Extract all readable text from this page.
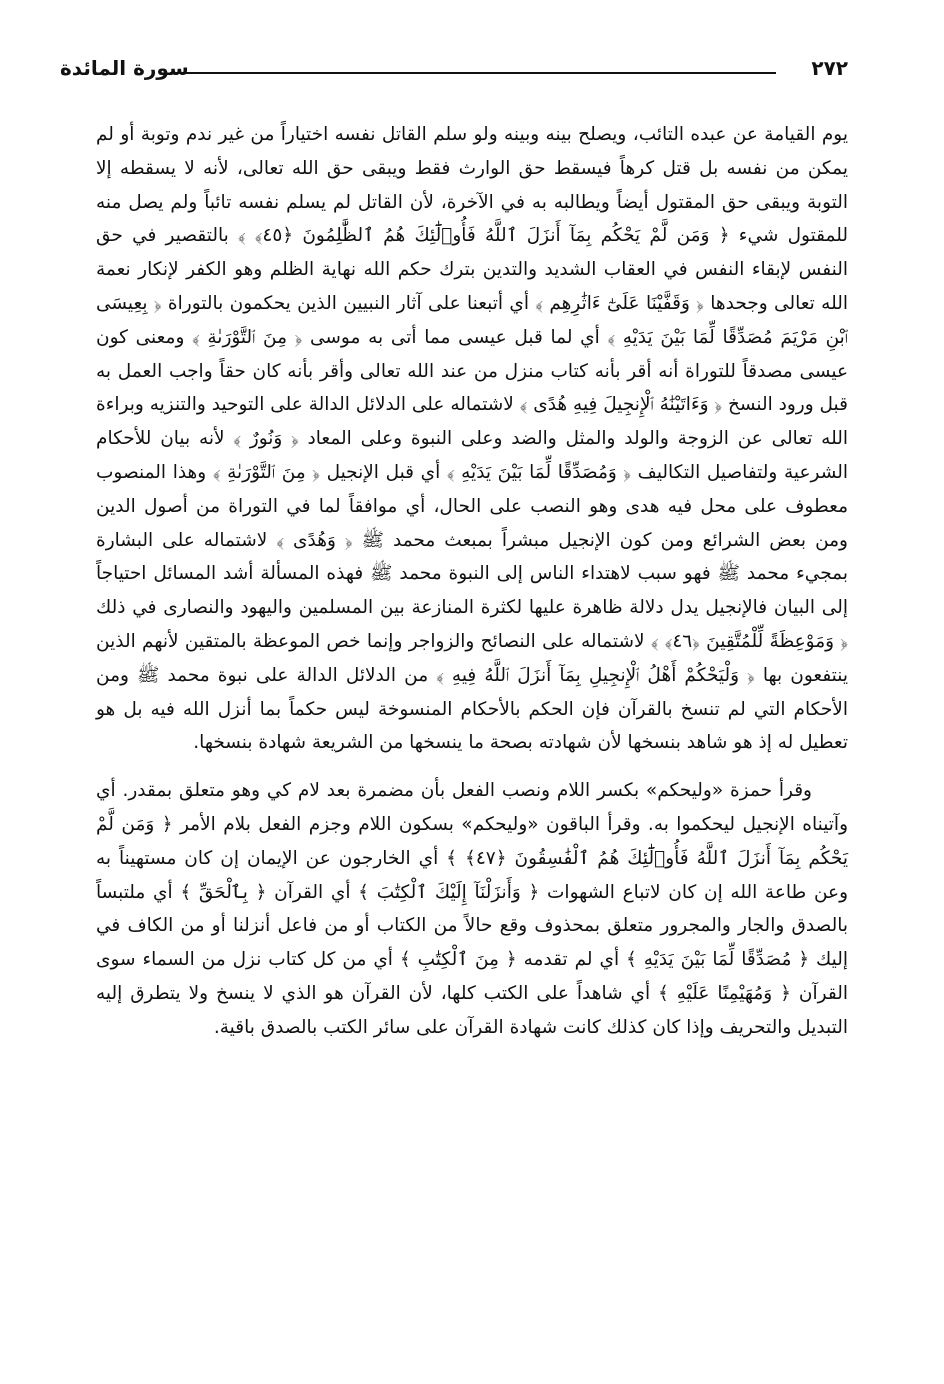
٢٧٢
سورة المائدة

يوم القيامة عن عبده التائب، ويصلح بينه وبينه ولو سلم القاتل نفسه اختياراً من غير ندم وتوبة أو لم يمكن من نفسه بل قتل كرهاً فيسقط حق الوارث فقط ويبقى حق الله تعالى، لأنه لا يسقطه إلا التوبة ويبقى حق المقتول أيضاً ويطالبه به في الآخرة، لأن القاتل لم يسلم نفسه تائباً ولم يصل منه للمقتول شيء ﴿ وَمَن لَّمْ يَحْكُم بِمَآ أَنزَلَ ٱللَّهُ فَأُو۟لَٰٓئِكَ هُمُ ٱلظَّٰلِمُونَ ﴿٤٥﴾ ﴾ بالتقصير في حق النفس لإبقاء النفس في العقاب الشديد والتدين بترك حكم الله نهاية الظلم وهو الكفر لإنكار نعمة الله تعالى وجحدها ﴿ وَقَفَّيْنَا عَلَىٰٓ ءَاثَٰرِهِم ﴾ أي أتبعنا على آثار النبيين الذين يحكمون بالتوراة ﴿ بِعِيسَى ٱبْنِ مَرْيَمَ مُصَدِّقًا لِّمَا بَيْنَ يَدَيْهِ ﴾ أي لما قبل عيسى مما أتى به موسى ﴿ مِنَ ٱلتَّوْرَىٰةِ ﴾ ومعنى كون عيسى مصدقاً للتوراة أنه أقر بأنه كتاب منزل من عند الله تعالى وأقر بأنه كان حقاً واجب العمل به قبل ورود النسخ ﴿ وَءَاتَيْنَٰهُ ٱلْإِنجِيلَ فِيهِ هُدًى ﴾ لاشتماله على الدلائل الدالة على التوحيد والتنزيه وبراءة الله تعالى عن الزوجة والولد والمثل والضد وعلى النبوة وعلى المعاد ﴿ وَنُورٌ ﴾ لأنه بيان للأحكام الشرعية ولتفاصيل التكاليف ﴿ وَمُصَدِّقًا لِّمَا بَيْنَ يَدَيْهِ ﴾ أي قبل الإنجيل ﴿ مِنَ ٱلتَّوْرَىٰةِ ﴾ وهذا المنصوب معطوف على محل فيه هدى وهو النصب على الحال، أي موافقاً لما في التوراة من أصول الدين ومن بعض الشرائع ومن كون الإنجيل مبشراً بمبعث محمد ﷺ ﴿ وَهُدًى ﴾ لاشتماله على البشارة بمجيء محمد ﷺ فهو سبب لاهتداء الناس إلى النبوة محمد ﷺ فهذه المسألة أشد المسائل احتياجاً إلى البيان فالإنجيل يدل دلالة ظاهرة عليها لكثرة المنازعة بين المسلمين واليهود والنصارى في ذلك ﴿ وَمَوْعِظَةً لِّلْمُتَّقِينَ ﴿٤٦﴾ ﴾ لاشتماله على النصائح والزواجر وإنما خص الموعظة بالمتقين لأنهم الذين ينتفعون بها ﴿ وَلْيَحْكُمْ أَهْلُ ٱلْإِنجِيلِ بِمَآ أَنزَلَ ٱللَّهُ فِيهِ ﴾ من الدلائل الدالة على نبوة محمد ﷺ ومن الأحكام التي لم تنسخ بالقرآن فإن الحكم بالأحكام المنسوخة ليس حكماً بما أنزل الله فيه بل هو تعطيل له إذ هو شاهد بنسخها لأن شهادته بصحة ما ينسخها من الشريعة شهادة بنسخها.

وقرأ حمزة «وليحكم» بكسر اللام ونصب الفعل بأن مضمرة بعد لام كي وهو متعلق بمقدر. أي وآتيناه الإنجيل ليحكموا به. وقرأ الباقون «وليحكم» بسكون اللام وجزم الفعل بلام الأمر ﴿ وَمَن لَّمْ يَحْكُم بِمَآ أَنزَلَ ٱللَّهُ فَأُو۟لَٰٓئِكَ هُمُ ٱلْفَٰسِقُونَ ﴿٤٧﴾ ﴾ أي الخارجون عن الإيمان إن كان مستهيناً به وعن طاعة الله إن كان لاتباع الشهوات ﴿ وَأَنزَلْنَآ إِلَيْكَ ٱلْكِتَٰبَ ﴾ أي القرآن ﴿ بِٱلْحَقِّ ﴾ أي ملتبساً بالصدق والجار والمجرور متعلق بمحذوف وقع حالاً من الكتاب أو من فاعل أنزلنا أو من الكاف في إليك ﴿ مُصَدِّقًا لِّمَا بَيْنَ يَدَيْهِ ﴾ أي لم تقدمه ﴿ مِنَ ٱلْكِتَٰبِ ﴾ أي من كل كتاب نزل من السماء سوى القرآن ﴿ وَمُهَيْمِنًا عَلَيْهِ ﴾ أي شاهداً على الكتب كلها، لأن القرآن هو الذي لا ينسخ ولا يتطرق إليه التبديل والتحريف وإذا كان كذلك كانت شهادة القرآن على سائر الكتب بالصدق باقية.
